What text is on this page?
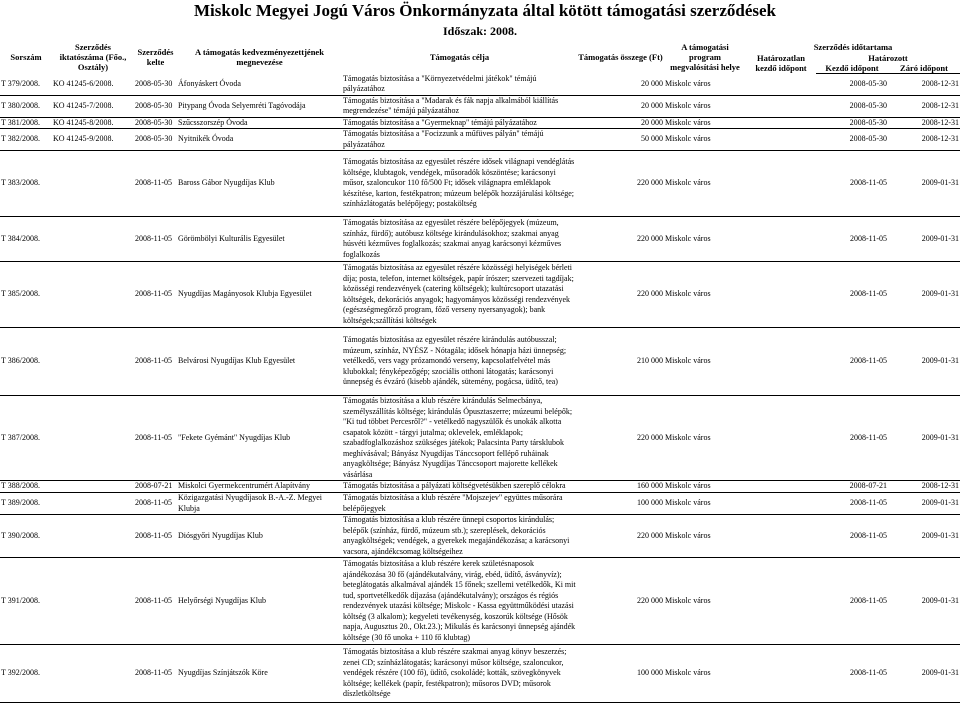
Miskolc Megyei Jogú Város Önkormányzata által kötött támogatási szerződések
Időszak: 2008.
Sorszám	Szerződés iktatószáma (Főo., Osztály)	Szerződés kelte	A támogatás kedvezményezettjének megnevezése	Támogatás célja	Támogatás összege (Ft)	A támogatási program megvalósítási helye	Szerződés időtartama		
							Határozatlan kezdő időpont	Határozott	
								Kezdő időpont	Záró időpont
T 379/2008.	KO 41245-6/2008.	2008-05-30	Áfonyáskert Óvoda	Támogatás biztosítása a "Környezetvédelmi játékok" témájú pályázatához	20 000	Miskolc város		2008-05-30	2008-12-31
T 380/2008.	KO 41245-7/2008.	2008-05-30	Pitypang Óvoda Selyemréti Tagóvodája	Támogatás biztosítása a "Madarak és fák napja alkalmából kiállítás megrendezése" témájú pályázatához	20 000	Miskolc város		2008-05-30	2008-12-31
T 381/2008.	KO 41245-8/2008.	2008-05-30	Szűcsszorszép Óvoda	Támogatás biztosítása a "Gyermeknap" témájú pályázatához	20 000	Miskolc város		2008-05-30	2008-12-31
T 382/2008.	KO 41245-9/2008.	2008-05-30	Nyitnikék Óvoda	Támogatás biztosítása a "Focizzunk a műfüves pályán" témájú pályázatához	50 000	Miskolc város		2008-05-30	2008-12-31
T 383/2008.		2008-11-05	Baross Gábor Nyugdíjas Klub	Támogatás biztosítása az egyesület részére idősek világnapi vendéglátás költsége, klubtagok, vendégek, műsoradók köszöntése; karácsonyi műsor, szaloncukor 110 fő/500 Ft; idősek világnapra emléklapok készítése, karton, festékpatron; múzeum belépők hozzájárulási költsége; színházlátogatás belépőjegy; postaköltség	220 000	Miskolc város		2008-11-05	2009-01-31
T 384/2008.		2008-11-05	Görömbölyi Kulturális Egyesület	Támogatás biztosítása az egyesület részére belépőjegyek (múzeum, színház, fürdő); autóbusz költsége kirándulásokhoz; szakmai anyag húsvéti kézműves foglalkozás; szakmai anyag karácsonyi kézműves foglalkozás	220 000	Miskolc város		2008-11-05	2009-01-31
T 385/2008.		2008-11-05	Nyugdíjas Magányosok Klubja Egyesület	Támogatás biztosítása az egyesület részére közösségi helyiségek bérleti díja; posta, telefon, internet költségek, papír írószer; szervezeti tagdíjak; közösségi rendezvények (catering költségek); kultúrcsoport utazatási költségek, dekorációs anyagok; hagyományos közösségi rendezvények (egészségmegőrző program, főző verseny nyersanyagok); bank költségek;szállítási költségek	220 000	Miskolc város		2008-11-05	2009-01-31
T 386/2008.		2008-11-05	Belvárosi Nyugdíjas Klub Egyesület	Támogatás biztosítása az egyesület részére kirándulás autóbusszal; múzeum, színház, NYÉSZ - Nótagála; idősek hónapja házi ünnepség; vetélkedő, vers vagy prózamondó verseny, kapcsolatfelvétel más klubokkal; fényképezőgép; szociális otthoni látogatás; karácsonyi ünnepség és évzáró (kisebb ajándék, sütemény, pogácsa, üdítő, tea)	210 000	Miskolc város		2008-11-05	2009-01-31
T 387/2008.		2008-11-05	"Fekete Gyémánt" Nyugdíjas Klub	Támogatás biztosítása a klub részére kirándulás Selmecbánya, személyszállítás költsége; kirándulás Ópusztaszerre; múzeumi belépők; "Ki tud többet Percesről?" - vetélkedő nagyszülők és unokák alkotta csapatok között - tárgyi jutalma; oklevelek, emléklapok; szabadfoglalkozáshoz szükséges játékok; Palacsinta Party társklubok meghívásával; Bányász Nyugdíjas Tánccsoport fellépő ruháinak anyagköltsége; Bányász Nyugdíjas Tánccsoport majorette kellékek vásárlása	220 000	Miskolc város		2008-11-05	2009-01-31
T 388/2008.		2008-07-21	Miskolci Gyermekcentrumért Alapítvány	Támogatás biztosítása a pályázati költségvetésükben szereplő célokra	160 000	Miskolc város		2008-07-21	2008-12-31
T 389/2008.		2008-11-05	Közigazgatási Nyugdíjasok B.-A.-Z. Megyei Klubja	Támogatás biztosítása a klub részére "Mojszejev" együttes műsorára belépőjegyek	100 000	Miskolc város		2008-11-05	2009-01-31
T 390/2008.		2008-11-05	Diósgyőri Nyugdíjas Klub	Támogatás biztosítása a klub részére ünnepi csoportos kirándulás; belépők (színház, fürdő, múzeum stb.); szereplések, dekorációs anyagköltségek; vendégek, a gyerekek megajándékozása; a karácsonyi vacsora, ajándékcsomag költségeihez	220 000	Miskolc város		2008-11-05	2009-01-31
T 391/2008.		2008-11-05	Helyőrségi Nyugdíjas Klub	Támogatás biztosítása a klub részére kerek születésnaposok ajándékozása 30 fő (ajándékutalvány, virág, ebéd, üdítő, ásványvíz); beteglátogatás alkalmával ajándék 15 főnek; szellemi vetélkedők, Ki mit tud, sportvetélkedők díjazása (ajándékutalvány); országos és régiós rendezvények utazási költsége; Miskolc - Kassa együttműködési utazási költség (3 alkalom); kegyeleti tevékenység, koszorúk költsége (Hősök napja, Augusztus 20., Okt.23.); Mikulás és karácsonyi ünnepség ajándék költsége (30 fő unoka + 110 fő klubtag)	220 000	Miskolc város		2008-11-05	2009-01-31
T 392/2008.		2008-11-05	Nyugdíjas Színjátszók Köre	Támogatás biztosítása a klub részére szakmai anyag könyv beszerzés; zenei CD; színházlátogatás; karácsonyi műsor költsége, szaloncukor, vendégek részére (100 fő), üdítő, csokoládé; kották, szövegkönyvek költsége; kellékek (papír, festékpatron); műsoros DVD; műsorok díszletköltsége	100 000	Miskolc város		2008-11-05	2009-01-31
